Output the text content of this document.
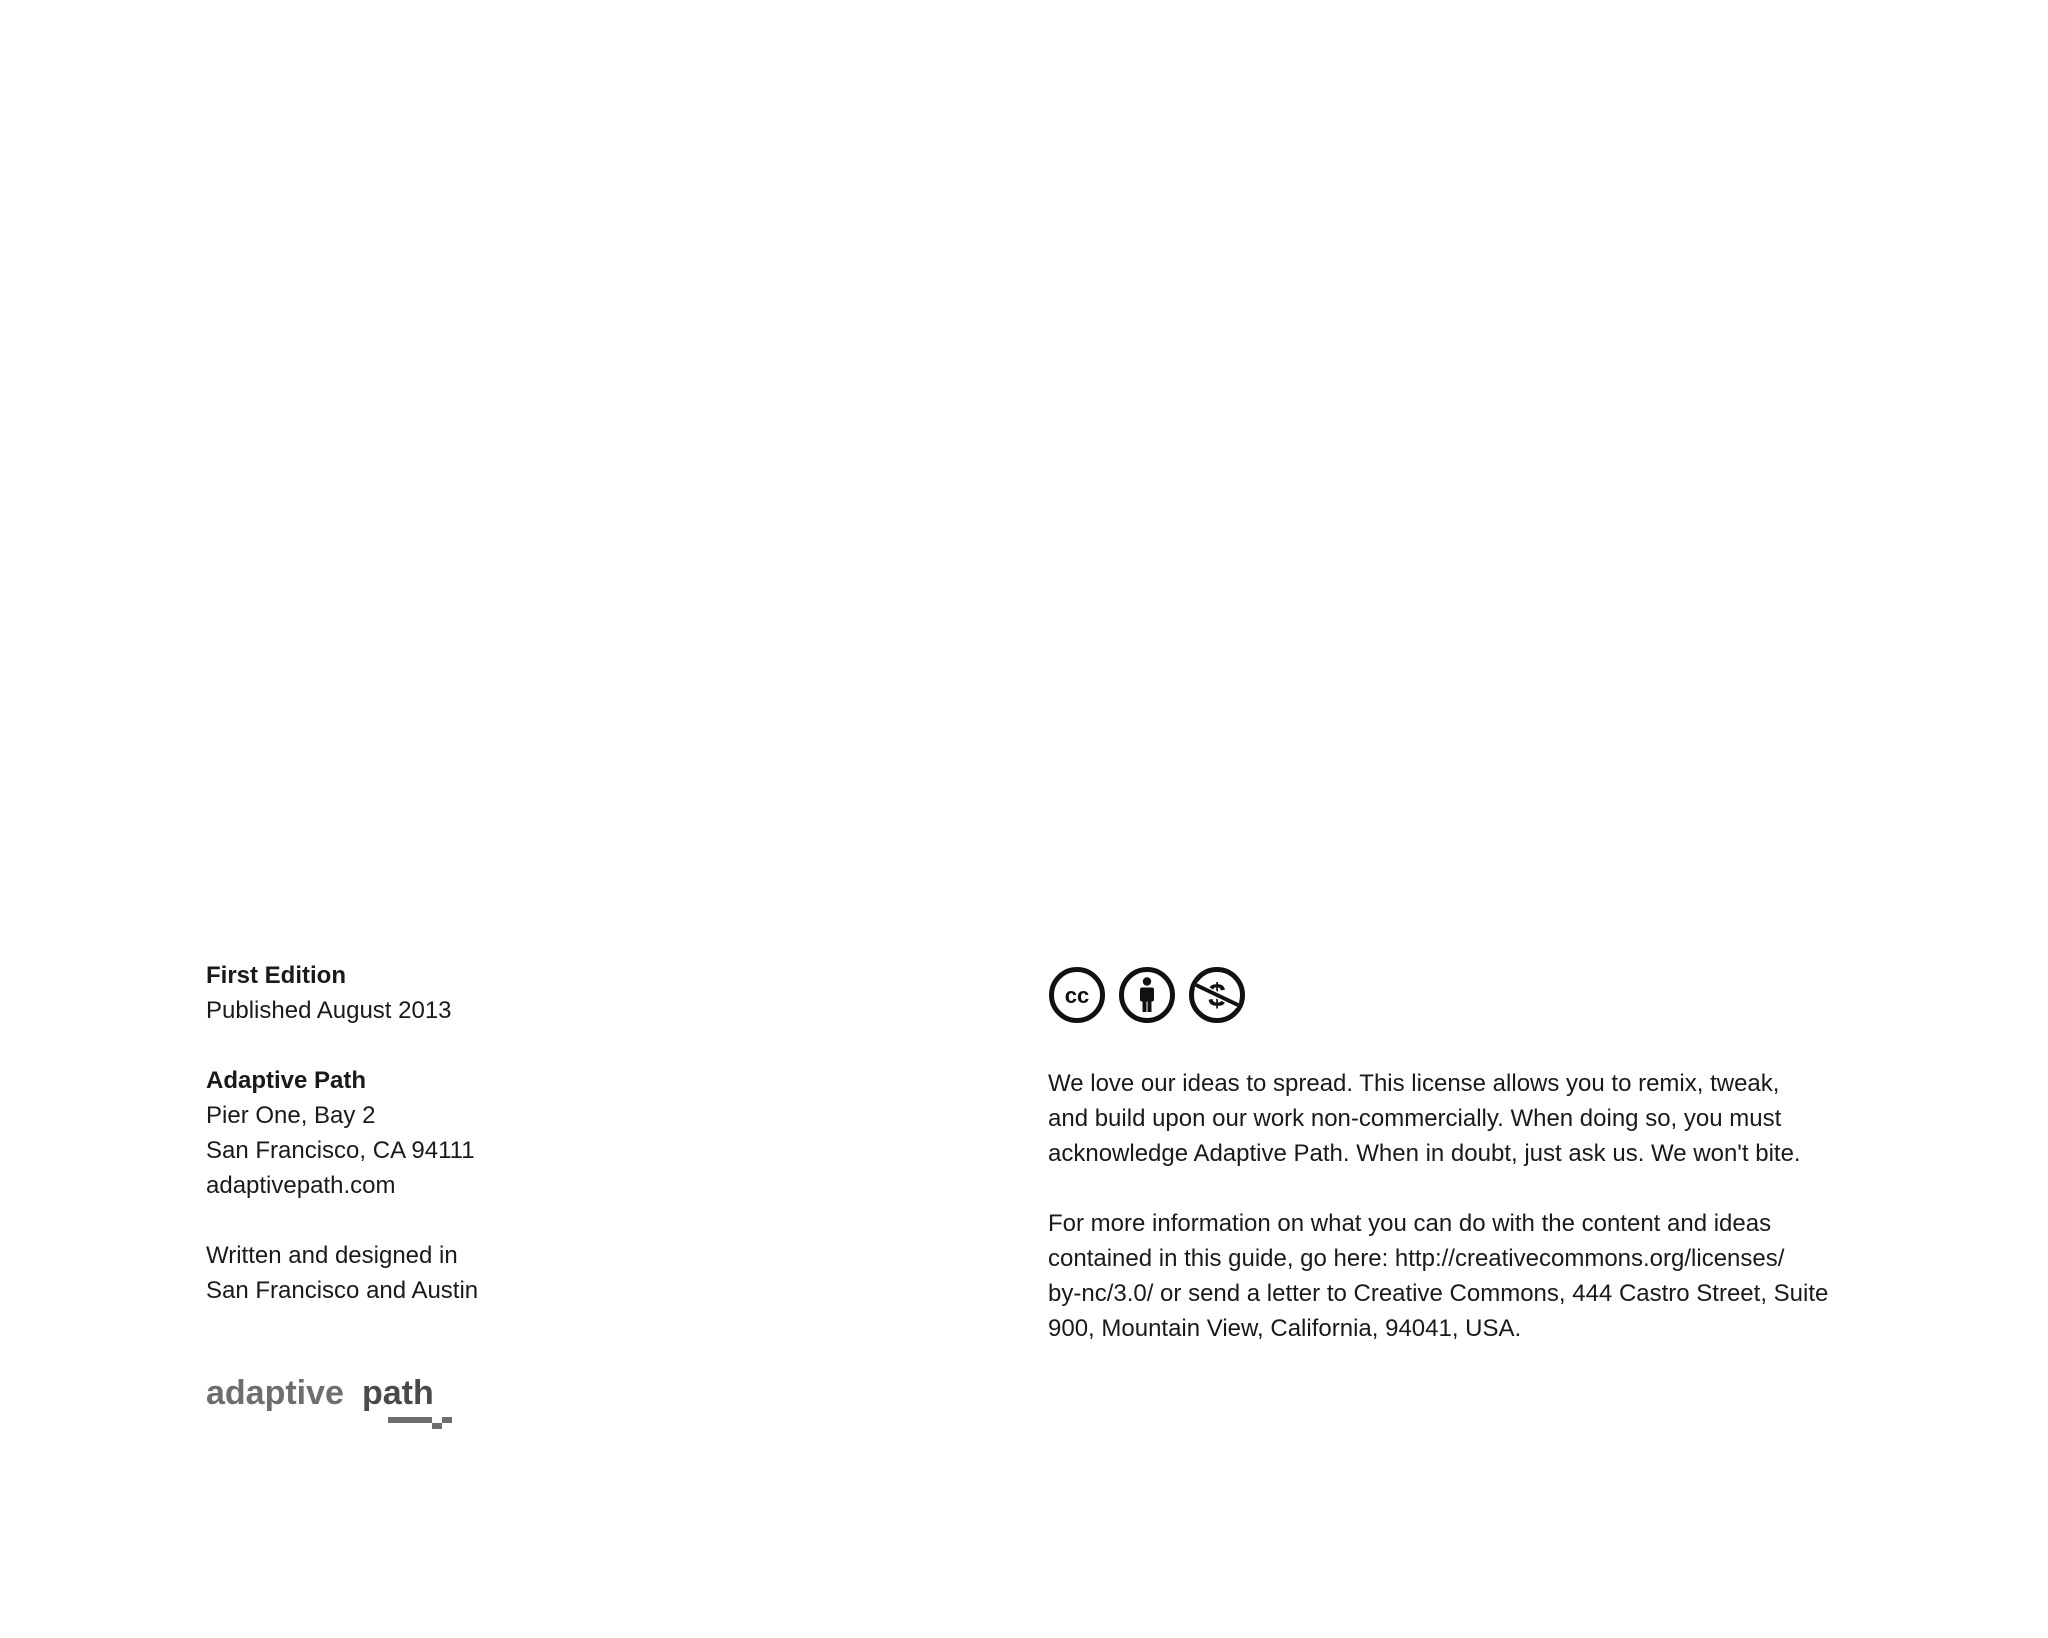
First Edition
Published August 2013
Adaptive Path
Pier One, Bay 2
San Francisco, CA 94111
adaptivepath.com
Written and designed in
San Francisco and Austin
adaptive path
cc

We love our ideas to spread. This license allows you to remix, tweak,
and build upon our work non-commercially. When doing so, you must
acknowledge Adaptive Path. When in doubt, just ask us. We won't bite.

For more information on what you can do with the content and ideas
contained in this guide, go here: http://creativecommons.org/licenses/
by-nc/3.0/ or send a letter to Creative Commons, 444 Castro Street, Suite
900, Mountain View, California, 94041, USA.
